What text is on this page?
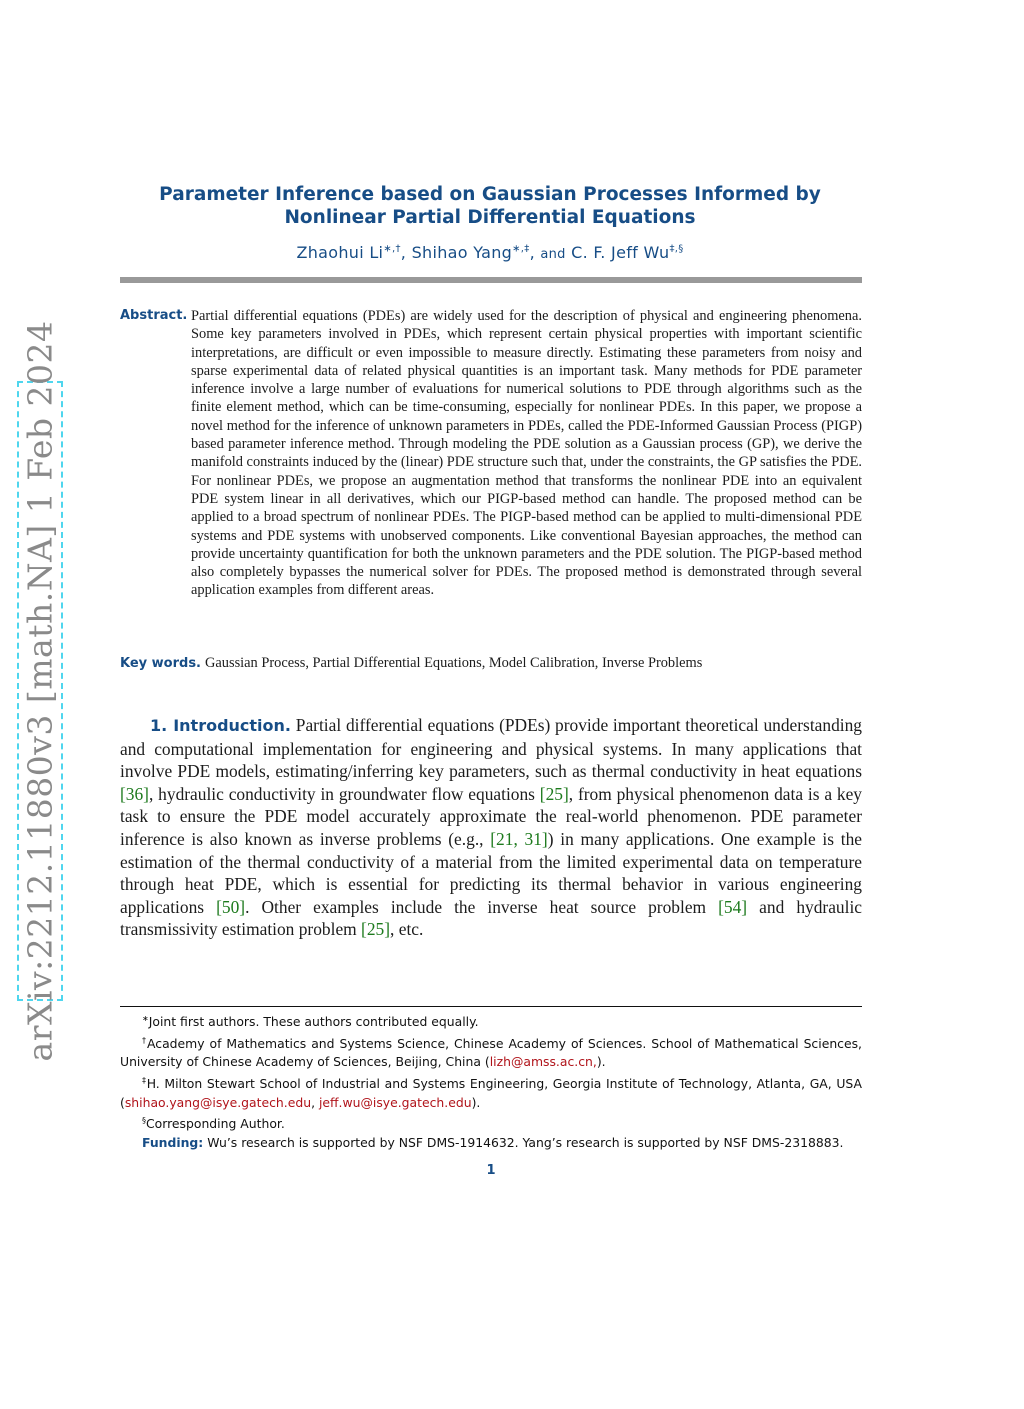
arXiv:2212.11880v3 [math.NA] 1 Feb 2024
Parameter Inference based on Gaussian Processes Informed by Nonlinear Partial Differential Equations
Zhaohui Li∗,†, Shihao Yang∗,‡, and C. F. Jeff Wu‡,§
Abstract. Partial differential equations (PDEs) are widely used for the description of physical and engineering phenomena. Some key parameters involved in PDEs, which represent certain physical properties with important scientific interpretations, are difficult or even impossible to measure directly. Estimating these parameters from noisy and sparse experimental data of related physical quantities is an important task. Many methods for PDE parameter inference involve a large number of evaluations for numerical solutions to PDE through algorithms such as the finite element method, which can be time-consuming, especially for nonlinear PDEs. In this paper, we propose a novel method for the inference of unknown parameters in PDEs, called the PDE-Informed Gaussian Process (PIGP) based parameter inference method. Through modeling the PDE solution as a Gaussian process (GP), we derive the manifold constraints induced by the (linear) PDE structure such that, under the constraints, the GP satisfies the PDE. For nonlinear PDEs, we propose an augmentation method that transforms the nonlinear PDE into an equivalent PDE system linear in all derivatives, which our PIGP-based method can handle. The proposed method can be applied to a broad spectrum of nonlinear PDEs. The PIGP-based method can be applied to multi-dimensional PDE systems and PDE systems with unobserved components. Like conventional Bayesian approaches, the method can provide uncertainty quantification for both the unknown parameters and the PDE solution. The PIGP-based method also completely bypasses the numerical solver for PDEs. The proposed method is demonstrated through several application examples from different areas.
Key words. Gaussian Process, Partial Differential Equations, Model Calibration, Inverse Problems
1. Introduction. Partial differential equations (PDEs) provide important theoretical understanding and computational implementation for engineering and physical systems. In many applications that involve PDE models, estimating/inferring key parameters, such as thermal conductivity in heat equations [36], hydraulic conductivity in groundwater flow equations [25], from physical phenomenon data is a key task to ensure the PDE model accurately approximate the real-world phenomenon. PDE parameter inference is also known as inverse problems (e.g., [21, 31]) in many applications. One example is the estimation of the thermal conductivity of a material from the limited experimental data on temperature through heat PDE, which is essential for predicting its thermal behavior in various engineering applications [50]. Other examples include the inverse heat source problem [54] and hydraulic transmissivity estimation problem [25], etc.

∗Joint first authors. These authors contributed equally.

†Academy of Mathematics and Systems Science, Chinese Academy of Sciences. School of Mathematical Sciences, University of Chinese Academy of Sciences, Beijing, China (lizh@amss.ac.cn,).

‡H. Milton Stewart School of Industrial and Systems Engineering, Georgia Institute of Technology, Atlanta, GA, USA (shihao.yang@isye.gatech.edu, jeff.wu@isye.gatech.edu).

§Corresponding Author.

Funding: Wu’s research is supported by NSF DMS-1914632. Yang’s research is supported by NSF DMS-2318883.

1
